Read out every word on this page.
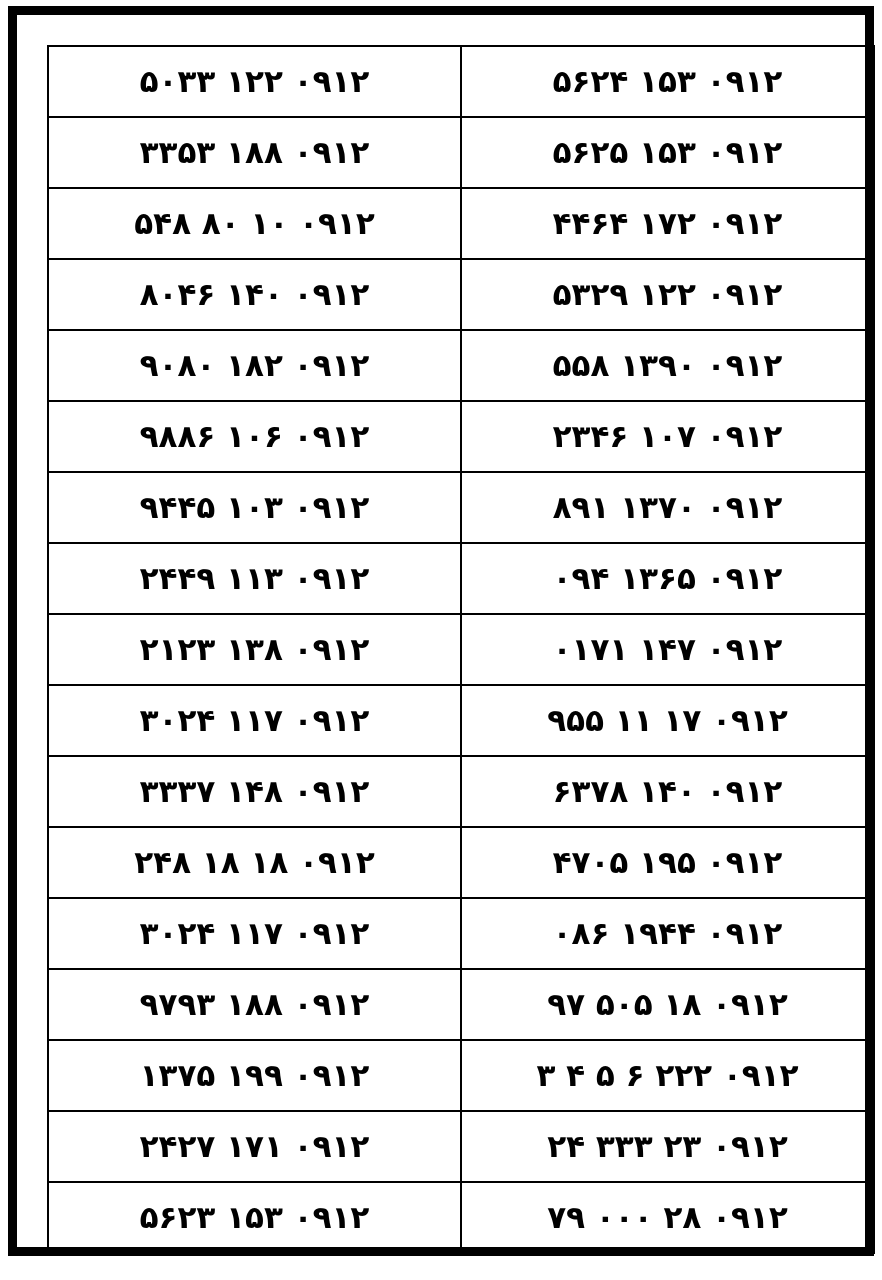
۰۹۱۲ ۱۵۳ ۵۶۲۴	۰۹۱۲ ۱۲۲ ۵۰۳۳
۰۹۱۲ ۱۵۳ ۵۶۲۵	۰۹۱۲ ۱۸۸ ۳۳۵۳
۰۹۱۲ ۱۷۲ ۴۴۶۴	۰۹۱۲ ۱۰ ۸۰ ۵۴۸
۰۹۱۲ ۱۲۲ ۵۳۲۹	۰۹۱۲ ۱۴۰ ۸۰۴۶
۰۹۱۲ ۱۳۹۰ ۵۵۸	۰۹۱۲ ۱۸۲ ۹۰۸۰
۰۹۱۲ ۱۰۷ ۲۳۴۶	۰۹۱۲ ۱۰۶ ۹۸۸۶
۰۹۱۲ ۱۳۷۰ ۸۹۱	۰۹۱۲ ۱۰۳ ۹۴۴۵
۰۹۱۲ ۱۳۶۵ ۰۹۴	۰۹۱۲ ۱۱۳ ۲۴۴۹
۰۹۱۲ ۱۴۷ ۰۱۷۱	۰۹۱۲ ۱۳۸ ۲۱۲۳
۰۹۱۲ ۱۷ ۱۱ ۹۵۵	۰۹۱۲ ۱۱۷ ۳۰۲۴
۰۹۱۲ ۱۴۰ ۶۳۷۸	۰۹۱۲ ۱۴۸ ۳۳۳۷
۰۹۱۲ ۱۹۵ ۴۷۰۵	۰۹۱۲ ۱۸ ۱۸ ۲۴۸
۰۹۱۲ ۱۹۴۴ ۰۸۶	۰۹۱۲ ۱۱۷ ۳۰۲۴
۰۹۱۲ ۱۸ ۵۰۵ ۹۷	۰۹۱۲ ۱۸۸ ۹۷۹۳
۰۹۱۲ ۲۲۲ ۶ ۵ ۴ ۳	۰۹۱۲ ۱۹۹ ۱۳۷۵
۰۹۱۲ ۲۳ ۳۳۳ ۲۴	۰۹۱۲ ۱۷۱ ۲۴۲۷
۰۹۱۲ ۲۸ ۰۰۰ ۷۹	۰۹۱۲ ۱۵۳ ۵۶۲۳
